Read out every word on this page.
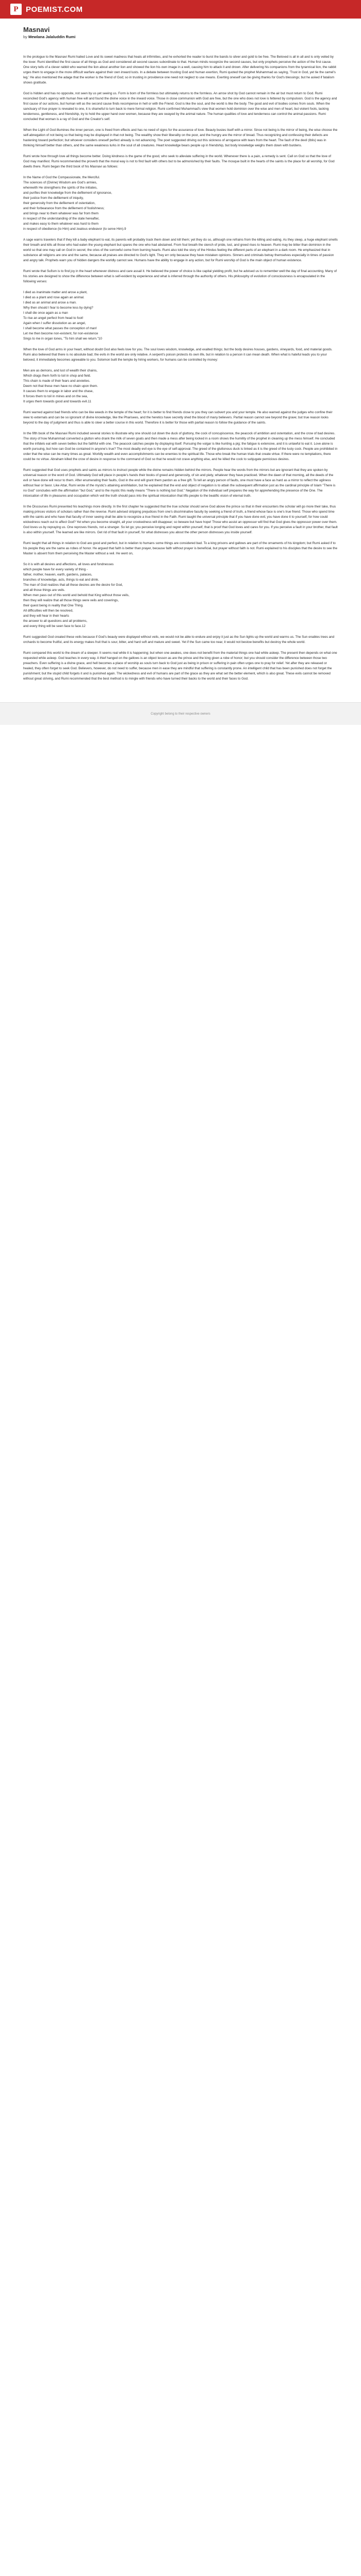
P POEMIST.COM
Masnavi
by Mewlana Jalaluddin Rumi
In the prologue to the Masnavi Rumi hailed Love and its sweet madness that heals all infirmities, and he exhorted the reader to burst the bands to silver and gold to be free. The Beloved is all in all and is only veiled by the lover. Rumi identified the first cause of all things as God and considered all second causes subordinate to that. Human minds recognize the second causes, but only prophets perceive the action of the first cause. One story tells of a clever rabbit who warned the lion about another lion and showed the lion his own image in a well, causing him to attack it and drown. After delivering his companions from the tyrannical lion, the rabbit urges them to engage in the more difficult warfare against their own inward lusts. In a debate between trusting God and human exertion, Rumi quoted the prophet Muhammad as saying, 'Trust in God, yet tie the camel's leg.' He also mentioned the adage that the worker is the friend of God; so in trusting in providence one need not neglect to use means. Exerting oneself can be giving thanks for God's blessings; but he asked if fatalism shows gratitude.
God is hidden and has no opposite, not seen by us yet seeing us. Form is born of the formless but ultimately returns to the formless. An arrow shot by God cannot remain in the air but must return to God. Rumi reconciled God's agency with human free will and found the divine voice in the inward voice. Those in close communion with God are free, but the one who does not love is fettered by compulsion. God is the agency and first cause of our actions, but human will as the second cause finds recompense in hell or with the Friend. God is like the soul, and the world is like the body. The good and evil of bodies comes from souls. When the sanctuary of true prayer is revealed to one, it is shameful to turn back to mere formal religion. Rumi confirmed Muhammad's view that women hold dominion over the wise and men of heart, but violent fools, lacking tenderness, gentleness, and friendship, try to hold the upper hand over women, because they are swayed by the animal nature. The human qualities of love and tenderness can control the animal passions. Rumi concluded that woman is a ray of God and the Creator's self.
When the Light of God illumines the inner person, one is freed from effects and has no need of signs for the assurance of love. Beauty busies itself with a mirror. Since not being is the mirror of being, the wise choose the self-abnegation of not being so that being may be displayed in that not being. The wealthy show their liberality on the poor, and the hungry are the mirror of bread. Thus recognizing and confessing their defects are hastening toward perfection; but whoever considers oneself perfect already is not advancing. The poet suggested driving out this sickness of arrogance with tears from the heart. The fault of the devil (Iblis) was in thinking himself better than others, and the same weakness lurks in the soul of all creatures. Heart knowledge bears people up in friendship, but body knowledge weighs them down with burdens.
Rumi wrote how through love all things become better. Doing kindness is the game of the good, who seek to alleviate suffering in the world. Whenever there is a pain, a remedy is sent. Call on God so that the love of God may manifest. Rumi recommended the proverb that the moral way is not to find fault with others but to be admonished by their faults. The mosque built in the hearts of the saints is the place for all worship, for God dwells there. Rumi began the third book of his Masnavi as follows:
In the Name of God the Compassionate, the Merciful.
The sciences of (Divine) Wisdom are God's armies,
wherewith He strengthens the spirits of the initiates,
and purifies their knowledge from the defilement of ignorance,
their justice from the defilement of iniquity,
their generosity from the defilement of ostentation,
and their forbearance from the defilement of foolishness;
and brings near to them whatever was far from them
in respect of the understanding of the state hereafter,
and makes easy to them whatever was hard to them
in respect of obedience (to Him) and zealous endeavor (to serve Him).9
A sage warns travelers that if they kill a baby elephant to eat, its parents will probably track them down and kill them; yet they do so, although one refrains from the killing and eating. As they sleep, a huge elephant smells their breath and kills all those who had eaten the young elephant but spares the one who had abstained. From foul breath the stench of pride, lust, and greed rises to heaven. Rumi may be bitter than dominion in the world so that one may call on God in secret; the cries of the sorrowful come from burning hearts. Rumi also told the story of the Hindus feeling the different parts of an elephant in a dark room. He emphasized that in substance all religions are one and the same, because all praises are directed to God's light. They err only because they have mistaken opinions. Sinners and criminals betray themselves especially in times of passion and angry talk. Prophets warn you of hidden dangers the worldly cannot see. Humans have the ability to engage in any action, but for Rumi worship of God is the main object of human existence.
Rumi wrote that Sufism is to find joy in the heart whenever distress and care assail it. He believed the power of choice is like capital yielding profit, but he advised us to remember well the day of final accounting. Many of his stories are designed to show the difference between what is self-evident by experience and what is inferred through the authority of others. His philosophy of evolution of consciousness is encapsulated in the following verses:
I died as inanimate matter and arose a plant,
I died as a plant and rose again an animal.
I died as an animal and arose a man.
Why then should I fear to become less by dying?
I shall die once again as a man
To rise an angel perfect from head to foot!
Again when I suffer dissolution as an angel,
I shall become what passes the conception of man!
Let me then become non-existent, for non-existence
Sings to me in organ tones, "To him shall we return."10
When the love of God arms in your heart, without doubt God also feels love for you. The soul loves wisdom, knowledge, and exalted things; but the body desires houses, gardens, vineyards, food, and material goods. Rumi also believed that there is no absolute bad; the evils in the world are only relative. A serpent's poison protects its own life, but in relation to a person it can mean death. When what is hateful leads you to your beloved, it immediately becomes agreeable to you. Solomon built the temple by hiring workers, for humans can be controlled by money:
Men are as demons, and lust of wealth their chains,
Which drags them forth to toil in shop and field.
This chain is made of their fears and anxieties.
Deem not that these men have no chain upon them.
It causes them to engage in labor and the chase,
It forces them to toil in mines and on the sea,
It urges them towards good and towards evil.11
Rumi warned against bad friends who can be like weeds in the temple of the heart; for it is better to find friends close to you they can subvert you and your temple. He also warned against the judges who confine their view to externals and can be so ignorant of divine knowledge, like the Pharisees, and the heretics have secretly shed the blood of many believers. Partial reason cannot see beyond the grave; but true reason looks beyond to the day of judgment and thus is able to steer a better course in this world. Therefore it is better for those with partial reason to follow the guidance of the saints.
In the fifth book of the Masnavi Rumi included several stories to illustrate why one should cut down the duck of gluttony, the cock of concupiscence, the peacock of ambition and ostentation, and the crow of bad desires. The story of how Muhammad converted a glutton who drank the milk of seven goats and then made a mess after being locked in a room shows the humility of the prophet in cleaning up the mess himself. He concluded that the infidels eat with seven bellies but the faithful with one. The peacock catches people by displaying itself. Pursuing the vulgar is like hunting a pig; the fatigue is extensive, and it is unlawful to eat it. Love alone is worth pursuing, but how can God be contained in anyone's true? The most deadly evil eye is the eye of self-approval. The greed of the gluttonous duck is linked as it is the greed of the lusty cock. People are prohibited in order that the wise can be many times as great. Worldly wealth and even accomplishments can be enemies to the spiritual life. Those who break the human trials that create virtue. If there were no temptations, there could be no virtue. Abraham killed the crow of desire in response to the command of God so that he would not crave anything else, and he killed the cock to subjugate pernicious desires.
Rumi suggested that God uses prophets and saints as mirrors to instruct people while the divine remains hidden behind the mirrors. People hear the words from the mirrors but are ignorant that they are spoken by universal reason or the word of God. Ultimately God will place in people's hands their books of greed and generosity, of sin and piety, whatever they have practiced. When the dawn of that morning, all the deeds of the evil or have done will recur to them. After enumerating their faults, God in the end will grant them pardon as a free gift. To tell an angry person of faults, one must have a face as hard as a mirror to reflect the ugliness without fear or favor. Like Attar, Rumi wrote of the mystic's attaining annihilation, but he explained that the end and object of negation is to attain the subsequent affirmation just as the cardinal principle of Islam "There is no God" concludes with the affirmation "but God," and to the mystic this really means "There is nothing but God." Negation of the individual self prepares the way for apprehending the presence of the One. The intoxication of life in pleasures and occupation which veil the truth should pass into the spiritual intoxication that lifts people to the beatific vision of eternal truth.
In the Discourses Rumi presented his teachings more directly. In the first chapter he suggested that the true scholar should serve God above the prince so that in their encounters the scholar will go more their take, thus making princes visitors of scholars rather than the reverse. Rumi advised stripping prejudices from one's discriminative faculty by seeking a friend of truth, a friend whose face is one's true friend. Those who spend time with the saints and who have that faculty of inner seeing shall be able to recognize a true friend in the Faith. Rumi taught the universal principle that if you have done evil, you have done it to yourself, for how could wickedness reach out to affect God? Yet when you become straight, all your crookedness will disappear; so beware but have hope! Those who assist an oppressor will find that God gives the oppressor power over them. God loves us by repraying us. One reproves friends, not a stranger. So let go; you perceive longing and regret within yourself, that is proof that God loves and cares for you. If you perceive a fault in your brother, that fault is also within yourself. The learned are like mirrors. Get rid of that fault in yourself, for what distresses you about the other person distresses you inside yourself.
Rumi taught that all things in relation to God are good and perfect, but in relation to humans some things are considered bad. To a king prisons and gallows are part of the ornaments of his kingdom; but Rumi asked if to his people they are the same as robes of honor. He argued that faith is better than prayer, because faith without prayer is beneficial, but prayer without faith is not. Rumi explained to his disciples that the desire to see the Master is absent from them perceiving the Master without a veil. He went on,
So it is with all desires and affections, all loves and fondnesses
which people have for every variety of thing -
father, mother, heaven, earth, gardens, palaces,
branches of knowledge, acts, things to eat and drink.
The man of God realizes that all these desires are the desire for God,
and all those things are veils.
When men pass out of this world and behold that King without those veils,
then they will realize that all those things were veils and coverings,
their quest being in reality that One Thing.
All difficulties will then be resolved,
and they will hear in their hearts
the answer to all questions and all problems,
and every thing will be seen face to face.12
Rumi suggested God created these veils because if God's beauty were displayed without veils, we would not be able to endure and enjoy it just as the Sun lights up the world and warms us. The Sun enables trees and orchards to become fruitful, and its energy makes fruit that is sour, bitter, and hard soft and mature and sweet. Yet if the Sun came too near, it would not bestow benefits but destroy the whole world.
Rumi compared this world to the dream of a sleeper. It seems real while it is happening; but when one awakes, one does not benefit from the material things one had while asleep. The present then depends on what one requested while asleep. God teaches in every way. A thief hanged on the gallows is an object lesson as are the prince and the king given a robe of honor; but you should consider the difference between those two preachers. Even suffering is a divine grace, and hell becomes a place of worship as souls turn back to God just as being in prison or suffering in pain often urges one to pray for relief. Yet after they are released or healed, they often forget to seek God. Believers, however, do not need to suffer, because men in ease they are mindful that suffering is constantly prone. An intelligent child that has been punished does not forget the punishment; but the stupid child forgets it and is punished again. The wickedness and evil of humans are part of the grace as they are what set the better element, which is also great. These evils cannot be removed without great striving, and Rumi recommended that the best method is to mingle with friends who have turned their backs to the world and their faces to God.
Copyright belong to their respective owners
